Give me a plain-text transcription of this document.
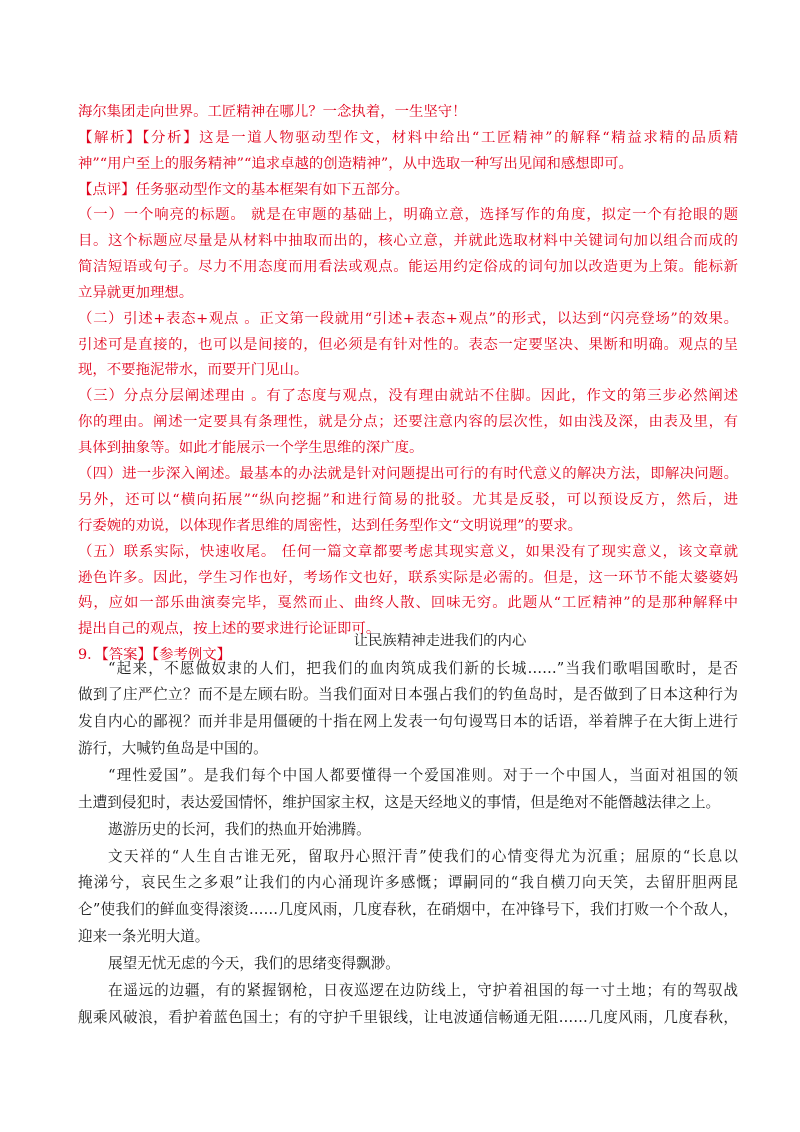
海尔集团走向世界。工匠精神在哪儿？一念执着，一生坚守！
【解析】【分析】这是一道人物驱动型作文，材料中给出“工匠精神”的解释“精益求精的品质精
神”“用户至上的服务精神”“追求卓越的创造精神”，从中选取一种写出见闻和感想即可。
【点评】任务驱动型作文的基本框架有如下五部分。
（一）一个响亮的标题。 就是在审题的基础上，明确立意，选择写作的角度，拟定一个有抢眼的题
目。这个标题应尽量是从材料中抽取而出的，核心立意，并就此选取材料中关键词句加以组合而成的
简洁短语或句子。尽力不用态度而用看法或观点。能运用约定俗成的词句加以改造更为上策。能标新
立异就更加理想。
（二）引述+表态+观点 。正文第一段就用“引述+表态+观点”的形式，以达到“闪亮登场”的效果。
引述可是直接的，也可以是间接的，但必须是有针对性的。表态一定要坚决、果断和明确。观点的呈
现，不要拖泥带水，而要开门见山。
（三）分点分层阐述理由 。有了态度与观点，没有理由就站不住脚。因此，作文的第三步必然阐述
你的理由。阐述一定要具有条理性，就是分点；还要注意内容的层次性，如由浅及深，由表及里，有
具体到抽象等。如此才能展示一个学生思维的深广度。
（四）进一步深入阐述。最基本的办法就是针对问题提出可行的有时代意义的解决方法，即解决问题。
另外，还可以“横向拓展”“纵向挖掘”和进行简易的批驳。尤其是反驳，可以预设反方，然后，进
行委婉的劝说，以体现作者思维的周密性，达到任务型作文“文明说理”的要求。
（五）联系实际，快速收尾。 任何一篇文章都要考虑其现实意义，如果没有了现实意义，该文章就
逊色许多。因此，学生习作也好，考场作文也好，联系实际是必需的。但是，这一环节不能太婆婆妈
妈，应如一部乐曲演奏完毕，戛然而止、曲终人散、回味无穷。此题从“工匠精神”的是那种解释中
提出自己的观点，按上述的要求进行论证即可。
9．【答案】【参考例文】
让民族精神走进我们的内心
“起来，不愿做奴隶的人们，把我们的血肉筑成我们新的长城……”当我们歌唱国歌时，是否
做到了庄严伫立？而不是左顾右盼。当我们面对日本强占我们的钓鱼岛时，是否做到了日本这种行为
发自内心的鄙视？而并非是用僵硬的十指在网上发表一句句谩骂日本的话语，举着牌子在大街上进行
游行，大喊钓鱼岛是中国的。
“理性爱国”。是我们每个中国人都要懂得一个爱国准则。对于一个中国人，当面对祖国的领
土遭到侵犯时，表达爱国情怀，维护国家主权，这是天经地义的事情，但是绝对不能僭越法律之上。
遨游历史的长河，我们的热血开始沸腾。
文天祥的“人生自古谁无死，留取丹心照汗青”使我们的心情变得尤为沉重；屈原的“长息以
掩涕兮，哀民生之多艰”让我们的内心涌现许多感慨；谭嗣同的“我自横刀向天笑，去留肝胆两昆
仑”使我们的鲜血变得滚烫……几度风雨，几度春秋，在硝烟中，在冲锋号下，我们打败一个个敌人，
迎来一条光明大道。
展望无忧无虑的今天，我们的思绪变得飘渺。
在遥远的边疆，有的紧握钢枪，日夜巡逻在边防线上，守护着祖国的每一寸土地；有的驾驭战
舰乘风破浪，看护着蓝色国土；有的守护千里银线，让电波通信畅通无阻……几度风雨，几度春秋，
